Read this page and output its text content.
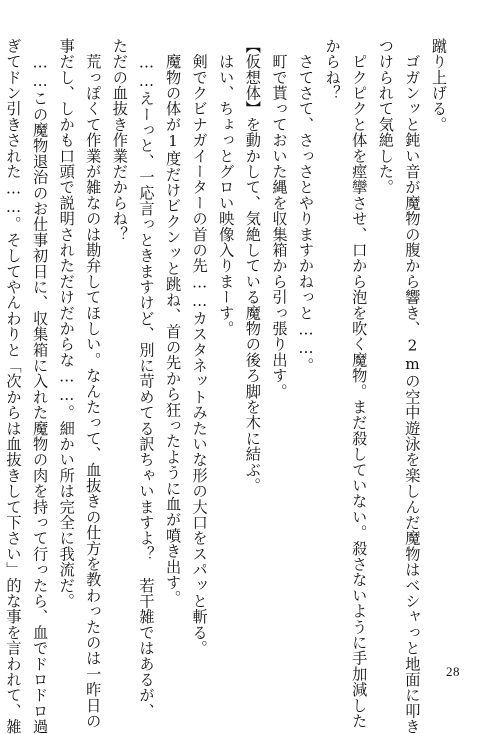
蹴り上げる。

　ゴガンッと鈍い音が魔物の腹から響き、2mの空中遊泳を楽しんだ魔物はベシャっと地面に叩き

つけられて気絶した。

　ピクピクと体を痙攣させ、口から泡を吹く魔物。まだ殺していない。殺さないように手加減した

からね？

　さてさて、さっさとやりますかねっと……。

　町で貰っておいた縄を収集箱から引っ張り出す。

【仮想体】を動かして、気絶している魔物の後ろ脚を木に結ぶ。

　はい、ちょっとグロい映像入りまーす。

　剣でクビナガイーターの首の先……カスタネットみたいな形の大口をスパッと斬る。

　魔物の体が1度だけビクンッと跳ね、首の先から狂ったように血が噴き出す。

　……えーっと、一応言っときますけど、別に苛めてる訳ちゃいますよ？　若干雑ではあるが、

ただの血抜き作業だからね？

　荒っぽくて作業が雑なのは勘弁してほしい。なんたって、血抜きの仕方を教わったのは一昨日の

事だし、しかも口頭で説明されただけだからな……。細かい所は完全に我流だ。

　……この魔物退治のお仕事初日に、収集箱に入れた魔物の肉を持って行ったら、血でドロドロ過

ぎてドン引きされた……。そしてやんわりと「次からは血抜きして下さい」的な事を言われて、雑	28
